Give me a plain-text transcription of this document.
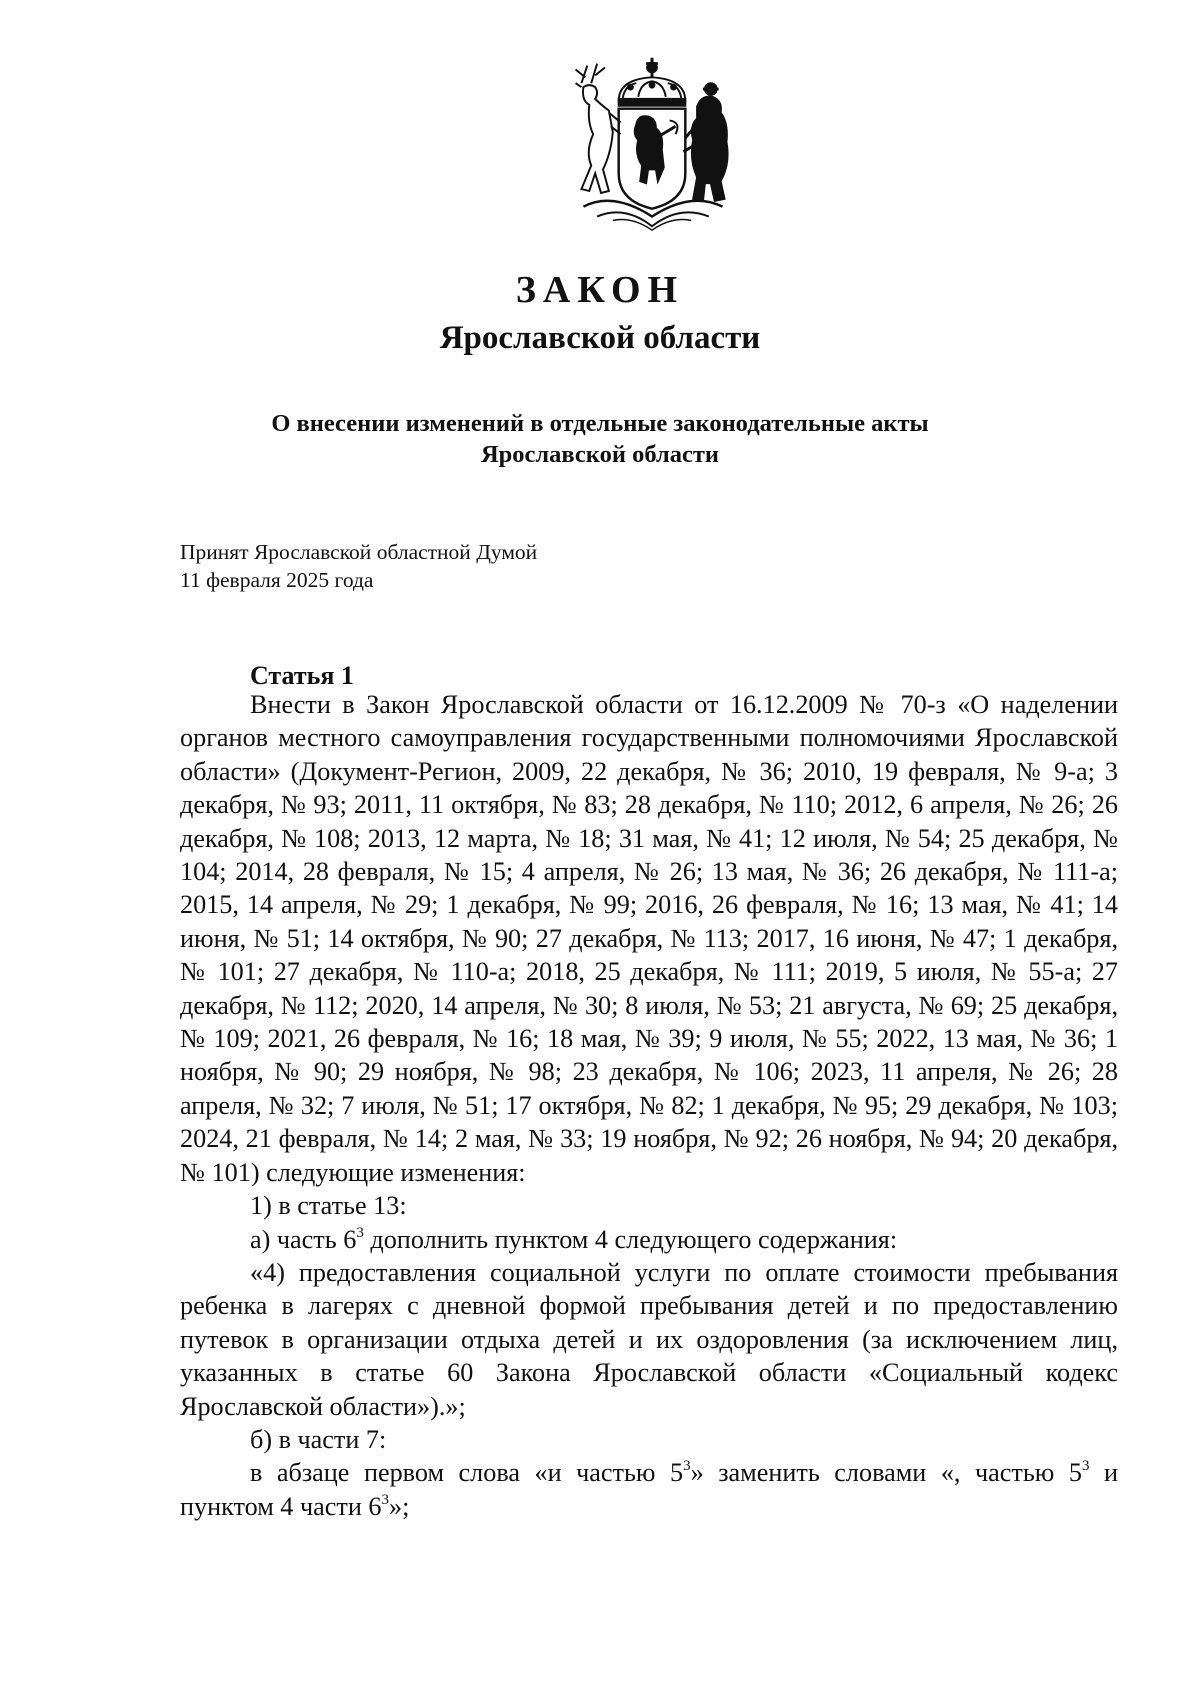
ЗАКОН
Ярославской области
О внесении изменений в отдельные законодательные акты
Ярославской области
Принят Ярославской областной Думой
11 февраля 2025 года
Статья 1

Внести в Закон Ярославской области от 16.12.2009 № 70-з «О наделении органов местного самоуправления государственными полномочиями Ярославской области» (Документ-Регион, 2009, 22 декабря, № 36; 2010, 19 февраля, № 9-а; 3 декабря, № 93; 2011, 11 октября, № 83; 28 декабря, № 110; 2012, 6 апреля, № 26; 26 декабря, № 108; 2013, 12 марта, № 18; 31 мая, № 41; 12 июля, № 54; 25 декабря, № 104; 2014, 28 февраля, № 15; 4 апреля, № 26; 13 мая, № 36; 26 декабря, № 111-а; 2015, 14 апреля, № 29; 1 декабря, № 99; 2016, 26 февраля, № 16; 13 мая, № 41; 14 июня, № 51; 14 октября, № 90; 27 декабря, № 113; 2017, 16 июня, № 47; 1 декабря, № 101; 27 декабря, № 110-а; 2018, 25 декабря, № 111; 2019, 5 июля, № 55-а; 27 декабря, № 112; 2020, 14 апреля, № 30; 8 июля, № 53; 21 августа, № 69; 25 декабря, № 109; 2021, 26 февраля, № 16; 18 мая, № 39; 9 июля, № 55; 2022, 13 мая, № 36; 1 ноября, № 90; 29 ноября, № 98; 23 декабря, № 106; 2023, 11 апреля, № 26; 28 апреля, № 32; 7 июля, № 51; 17 октября, № 82; 1 декабря, № 95; 29 декабря, № 103; 2024, 21 февраля, № 14; 2 мая, № 33; 19 ноября, № 92; 26 ноября, № 94; 20 декабря, № 101) следующие изменения:

1) в статье 13:

а) часть $6^3$ дополнить пунктом 4 следующего содержания:

«4) предоставления социальной услуги по оплате стоимости пребывания ребенка в лагерях с дневной формой пребывания детей и по предоставлению путевок в организации отдыха детей и их оздоровления (за исключением лиц, указанных в статье 60 Закона Ярославской области «Социальный кодекс Ярославской области»).»;

б) в части 7:

в абзаце первом слова «и частью $5^3$» заменить словами «, частью $5^3$ и пунктом 4 части $6^3$»;
